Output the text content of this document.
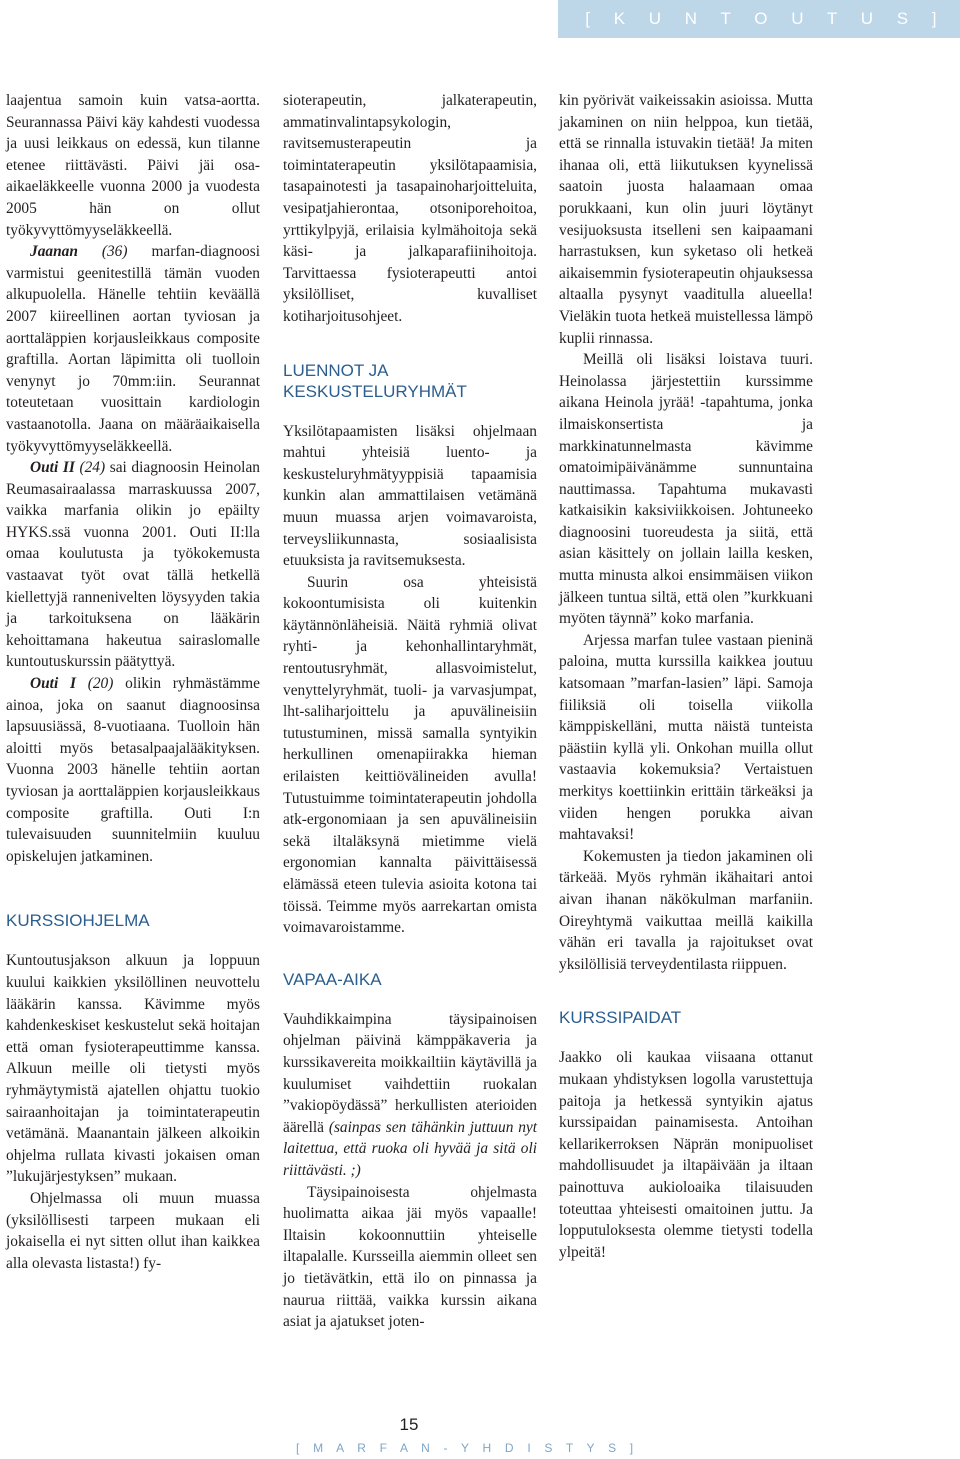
[ K U N T O U T U S ]

laajentua samoin kuin vatsa-aortta. Seurannassa Päivi käy kahdesti vuodessa ja uusi leikkaus on edessä, kun tilanne etenee riittävästi. Päivi jäi osa-aikaeläkkeelle vuonna 2000 ja vuodesta 2005 hän on ollut työkyvyttömyyseläkkeellä.

Jaanan (36) marfan-diagnoosi varmistui geenitestillä tämän vuoden alkupuolella. Hänelle tehtiin keväällä 2007 kiireellinen aortan tyviosan ja aorttaläppien korjausleikkaus composite graftilla. Aortan läpimitta oli tuolloin venynyt jo 70mm:iin. Seurannat toteutetaan vuosittain kardiologin vastaanotolla. Jaana on määräaikaisella työkyvyttömyyseläkkeellä.

Outi II (24) sai diagnoosin Heinolan Reumasairaalassa marraskuussa 2007, vaikka marfania olikin jo epäilty HYKS.ssä vuonna 2001. Outi II:lla omaa koulutusta ja työkokemusta vastaavat työt ovat tällä hetkellä kiellettyjä rannenivelten löysyyden takia ja tarkoituksena on lääkärin kehoittamana hakeutua sairaslomalle kuntoutuskurssin päätyttyä.

Outi I (20) olikin ryhmästämme ainoa, joka on saanut diagnoosinsa lapsuusiässä, 8-vuotiaana. Tuolloin hän aloitti myös betasalpaajalääkityksen. Vuonna 2003 hänelle tehtiin aortan tyviosan ja aorttaläppien korjausleikkaus composite graftilla. Outi I:n tulevaisuuden suunnitelmiin kuuluu opiskelujen jatkaminen.

KURSSIOHJELMA

Kuntoutusjakson alkuun ja loppuun kuului kaikkien yksilöllinen neuvottelu lääkärin kanssa. Kävimme myös kahdenkeskiset keskustelut sekä hoitajan että oman fysioterapeuttimme kanssa. Alkuun meille oli tietysti myös ryhmäytymistä ajatellen ohjattu tuokio sairaanhoitajan ja toimintaterapeutin vetämänä. Maanantain jälkeen alkoikin ohjelma rullata kivasti jokaisen oman ”lukujärjestyksen” mukaan.

Ohjelmassa oli muun muassa (yksilöllisesti tarpeen mukaan eli jokaisella ei nyt sitten ollut ihan kaikkea alla olevasta listasta!) fy-

sioterapeutin, jalkaterapeutin, ammatinvalintapsykologin, ravitsemusterapeutin ja toimintaterapeutin yksilötapaamisia, tasapainotesti ja tasapainoharjoitteluita, vesipatjahierontaa, otsoniporehoitoa, yrttikylpyjä, erilaisia kylmähoitoja sekä käsi- ja jalkaparafiinihoitoja. Tarvittaessa fysioterapeutti antoi yksilölliset, kuvalliset kotiharjoitusohjeet.

LUENNOT JA KESKUSTELURYHMÄT

Yksilötapaamisten lisäksi ohjelmaan mahtui yhteisiä luento- ja keskusteluryhmätyyppisiä tapaamisia kunkin alan ammattilaisen vetämänä muun muassa arjen voimavaroista, terveysliikunnasta, sosiaalisista etuuksista ja ravitsemuksesta.

Suurin osa yhteisistä kokoontumisista oli kuitenkin käytännönläheisiä. Näitä ryhmiä olivat ryhti- ja kehonhallintaryhmät, rentoutusryhmät, allasvoimistelut, venyttelyryhmät, tuoli- ja varvasjumpat, lht-saliharjoittelu ja apuvälineisiin tutustuminen, missä samalla syntyikin herkullinen omenapiirakka hieman erilaisten keittiövälineiden avulla! Tutustuimme toimintaterapeutin johdolla atk-ergonomiaan ja sen apuvälineisiin sekä iltaläksynä mietimme vielä ergonomian kannalta päivittäisessä elämässä eteen tulevia asioita kotona tai töissä. Teimme myös aarrekartan omista voimavaroistamme.

VAPAA-AIKA

Vauhdikkaimpina täysipainoisen ohjelman päivinä kämppäkaveria ja kurssikavereita moikkailtiin käytävillä ja kuulumiset vaihdettiin ruokalan ”vakiopöydässä” herkullisten aterioiden äärellä (sainpas sen tähänkin juttuun nyt laitettua, että ruoka oli hyvää ja sitä oli riittävästi. ;)

Täysipainoisesta ohjelmasta huolimatta aikaa jäi myös vapaalle! Iltaisin kokoonnuttiin yhteiselle iltapalalle. Kursseilla aiemmin olleet sen jo tietävätkin, että ilo on pinnassa ja naurua riittää, vaikka kurssin aikana asiat ja ajatukset joten-

kin pyörivät vaikeissakin asioissa. Mutta jakaminen on niin helppoa, kun tietää, että se rinnalla istuvakin tietää! Ja miten ihanaa oli, että liikutuksen kyynelissä saatoin juosta halaamaan omaa porukkaani, kun olin juuri löytänyt vesijuoksusta itselleni sen kaipaamani harrastuksen, kun syketaso oli hetkeä aikaisemmin fysioterapeutin ohjauksessa altaalla pysynyt vaaditulla alueella! Vieläkin tuota hetkeä muistellessa lämpö kuplii rinnassa.

Meillä oli lisäksi loistava tuuri. Heinolassa järjestettiin kurssimme aikana Heinola jyrää! -tapahtuma, jonka ilmaiskonsertista ja markkinatunnelmasta kävimme omatoimipäivänämme sunnuntaina nauttimassa. Tapahtuma mukavasti katkaisikin kaksiviikkoisen. Johtuneeko diagnoosini tuoreudesta ja siitä, että asian käsittely on jollain lailla kesken, mutta minusta alkoi ensimmäisen viikon jälkeen tuntua siltä, että olen ”kurkkuani myöten täynnä” koko marfania.

Arjessa marfan tulee vastaan pieninä paloina, mutta kurssilla kaikkea joutuu katsomaan ”marfan-lasien” läpi. Samoja fiiliksiä oli toisella viikolla kämppiskelläni, mutta näistä tunteista päästiin kyllä yli. Onkohan muilla ollut vastaavia kokemuksia? Vertaistuen merkitys koettiinkin erittäin tärkeäksi ja viiden hengen porukka aivan mahtavaksi!

Kokemusten ja tiedon jakaminen oli tärkeää. Myös ryhmän ikähaitari antoi aivan ihanan näkökulman marfaniin. Oireyhtymä vaikuttaa meillä kaikilla vähän eri tavalla ja rajoitukset ovat yksilöllisiä terveydentilasta riippuen.

KURSSIPAIDAT

Jaakko oli kaukaa viisaana ottanut mukaan yhdistyksen logolla varustettuja paitoja ja hetkessä syntyikin ajatus kurssipaidan painamisesta. Antoihan kellarikerroksen Näprän monipuoliset mahdollisuudet ja iltapäivään ja iltaan painottuva aukioloaika tilaisuuden toteuttaa yhteisesti omaitoinen juttu. Ja lopputuloksesta olemme tietysti todella ylpeitä!

15
[ M A R F A N - Y H D I S T Y S ]
